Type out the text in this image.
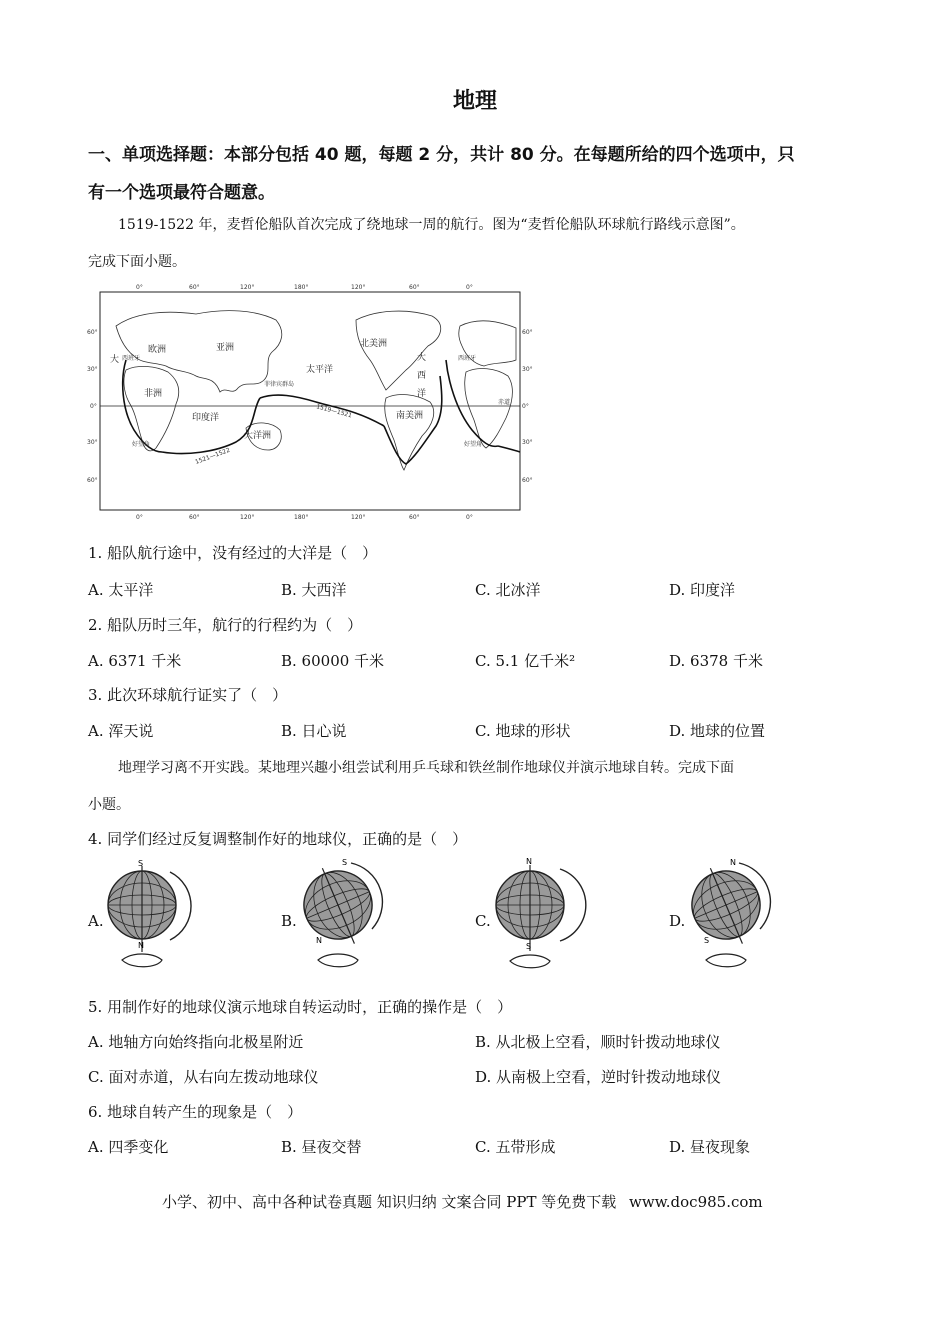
地理
一、单项选择题：本部分包括 40 题，每题 2 分，共计 80 分。在每题所给的四个选项中，只
有一个选项最符合题意。
1519-1522 年，麦哲伦船队首次完成了绕地球一周的航行。图为“麦哲伦船队环球航行路线示意图”。
完成下面小题。
0°	60°	120°	180°	120°	60°	0°
0°	60°	120°	180°	120°	60°	0°
60°
30°
0°
30°
60°
60°
30°
0°
30°
60°
欧洲	亚洲
非洲
太平洋
北美洲
南美洲
印度洋
大洋洲
大
西
洋
大 西班牙	西班牙
菲律宾群岛
好望角	好望角
赤道
1519—1521
1521—1522
1. 船队航行途中，没有经过的大洋是（　）
A. 太平洋	B. 大西洋	C. 北冰洋	D. 印度洋
2. 船队历时三年，航行的行程约为（　）
A. 6371 千米	B. 60000 千米	C. 5.1 亿千米²	D. 6378 千米
3. 此次环球航行证实了（　）
A. 浑天说	B. 日心说	C. 地球的形状	D. 地球的位置
地理学习离不开实践。某地理兴趣小组尝试利用乒乓球和铁丝制作地球仪并演示地球自转。完成下面
小题。
4. 同学们经过反复调整制作好的地球仪，正确的是（　）
A.
S
N
B.
S
N
C.
N
S
D.
N
S
5. 用制作好的地球仪演示地球自转运动时，正确的操作是（　）
A. 地轴方向始终指向北极星附近	B. 从北极上空看，顺时针拨动地球仪
C. 面对赤道，从右向左拨动地球仪	D. 从南极上空看，逆时针拨动地球仪
6. 地球自转产生的现象是（　）
A. 四季变化	B. 昼夜交替	C. 五带形成	D. 昼夜现象
小学、初中、高中各种试卷真题 知识归纳 文案合同 PPT 等免费下载 www.doc985.com
